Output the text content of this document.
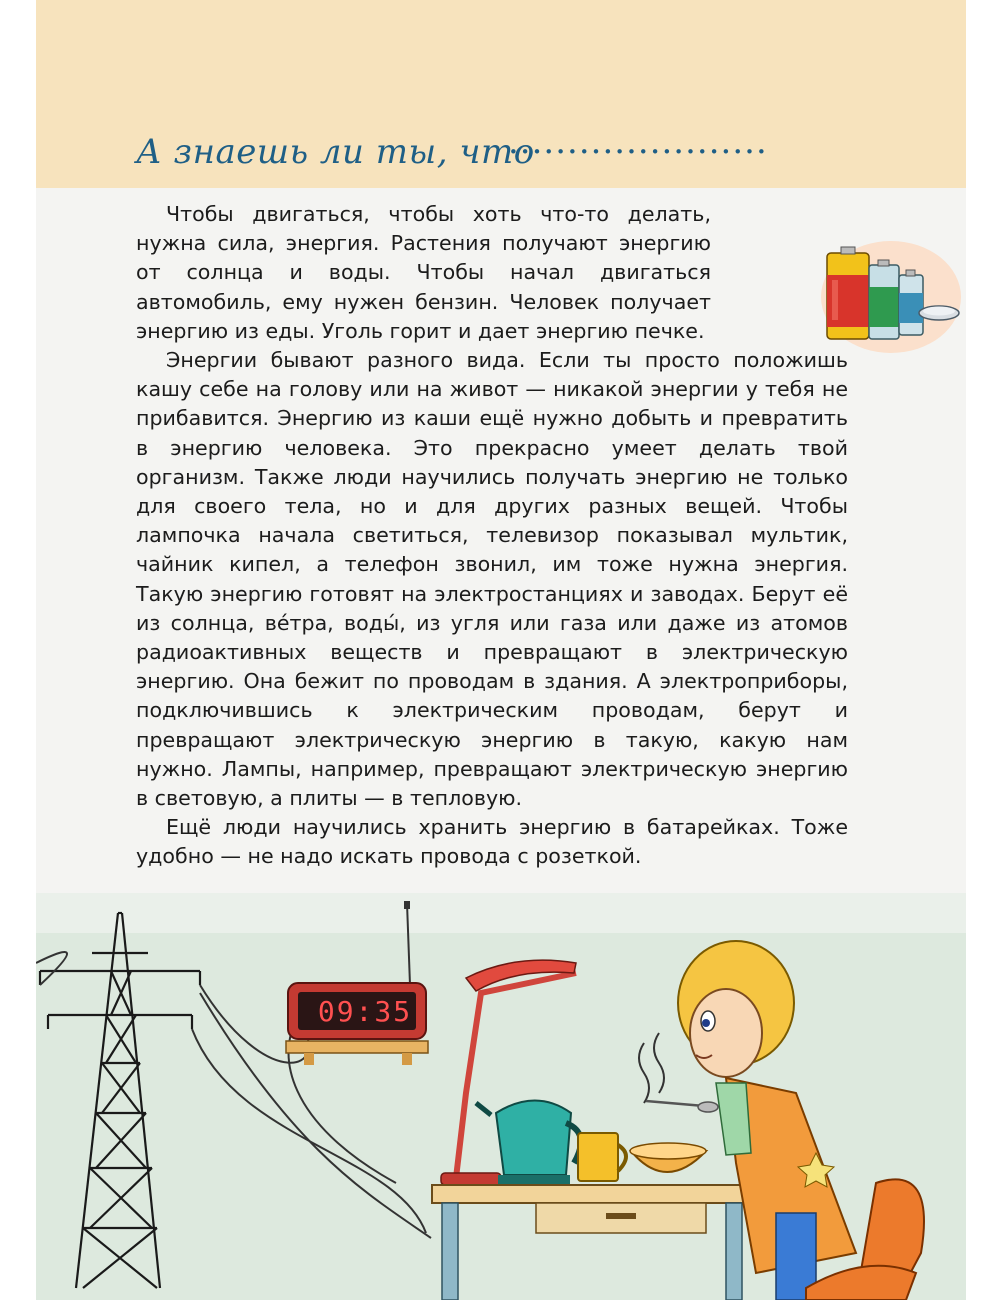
А знаешь ли ты, что
······················

Чтобы двигаться, чтобы хоть что-то делать, нужна сила, энергия. Растения получают энергию от солнца и воды. Чтобы начал двигаться автомобиль, ему нужен бензин. Человек получает энергию из еды. Уголь горит и дает энергию печке.

Энергии бывают разного вида. Если ты просто положишь кашу себе на голову или на живот — никакой энергии у тебя не прибавится. Энергию из каши ещё нужно добыть и превратить в энергию человека. Это прекрасно умеет делать твой организм. Также люди научились получать энергию не только для своего тела, но и для других разных вещей. Чтобы лампочка начала светиться, телевизор показывал мультик, чайник кипел, а телефон звонил, им тоже нужна энергия. Такую энергию готовят на электростанциях и заводах. Берут её из солнца, вéтра, воды́, из угля или газа или даже из атомов радиоактивных веществ и превращают в электрическую энергию. Она бежит по проводам в здания. А электроприборы, подключившись к электрическим проводам, берут и превращают электрическую энергию в такую, какую нам нужно. Лампы, например, превращают электрическую энергию в световую, а плиты — в тепловую.

Ещё люди научились хранить энергию в батарейках. Тоже удобно — не надо искать провода с розеткой.

09:35
